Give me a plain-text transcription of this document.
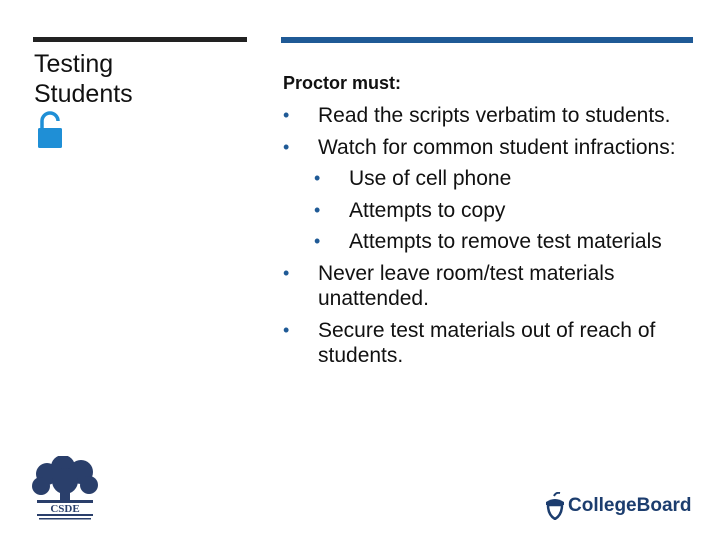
Testing
Students	Proctor must:
• Read the scripts verbatim to students.
• Watch for common student infractions:
• Use of cell phone
• Attempts to copy
• Attempts to remove test materials
• Never leave room/test materials unattended.
• Secure test materials out of reach of students.
CSDE	CollegeBoard
